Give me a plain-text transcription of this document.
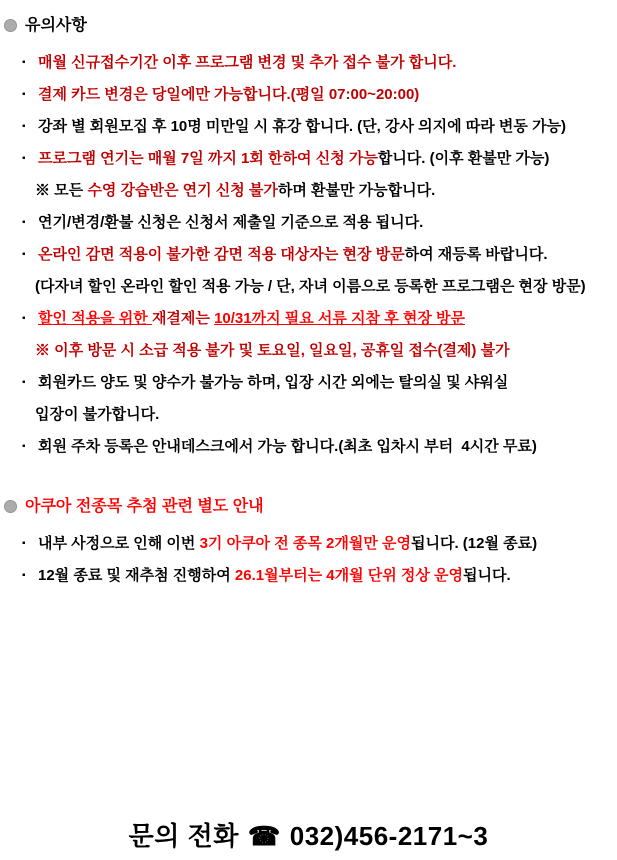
유의사항
▪ 매월 신규접수기간 이후 프로그램 변경 및 추가 접수 불가 합니다.
▪ 결제 카드 변경은 당일에만 가능합니다.(평일 07:00~20:00)
▪ 강좌 별 회원모집 후 10명 미만일 시 휴강 합니다. (단, 강사 의지에 따라 변동 가능)
▪ 프로그램 연기는 매월 7일 까지 1회 한하여 신청 가능합니다. (이후 환불만 가능)
※ 모든 수영 강습반은 연기 신청 불가하며 환불만 가능합니다.
▪ 연기/변경/환불 신청은 신청서 제출일 기준으로 적용 됩니다.
▪ 온라인 감면 적용이 불가한 감면 적용 대상자는 현장 방문하여 재등록 바랍니다.
(다자녀 할인 온라인 할인 적용 가능 / 단, 자녀 이름으로 등록한 프로그램은 현장 방문)
▪ 할인 적용을 위한 재결제는 10/31까지 필요 서류 지참 후 현장 방문
※ 이후 방문 시 소급 적용 불가 및 토요일, 일요일, 공휴일 접수(결제) 불가
▪ 회원카드 양도 및 양수가 불가능 하며, 입장 시간 외에는 탈의실 및 샤워실
입장이 불가합니다.
▪ 회원 주차 등록은 안내데스크에서 가능 합니다.(최초 입차시 부터  4시간 무료)
아쿠아 전종목 추첨 관련 별도 안내
▪ 내부 사정으로 인해 이번 3기 아쿠아 전 종목 2개월만 운영됩니다. (12월 종료)
▪ 12월 종료 및 재추첨 진행하여 26.1월부터는 4개월 단위 정상 운영됩니다.
문의 전화 ☎ 032)456-2171~3
